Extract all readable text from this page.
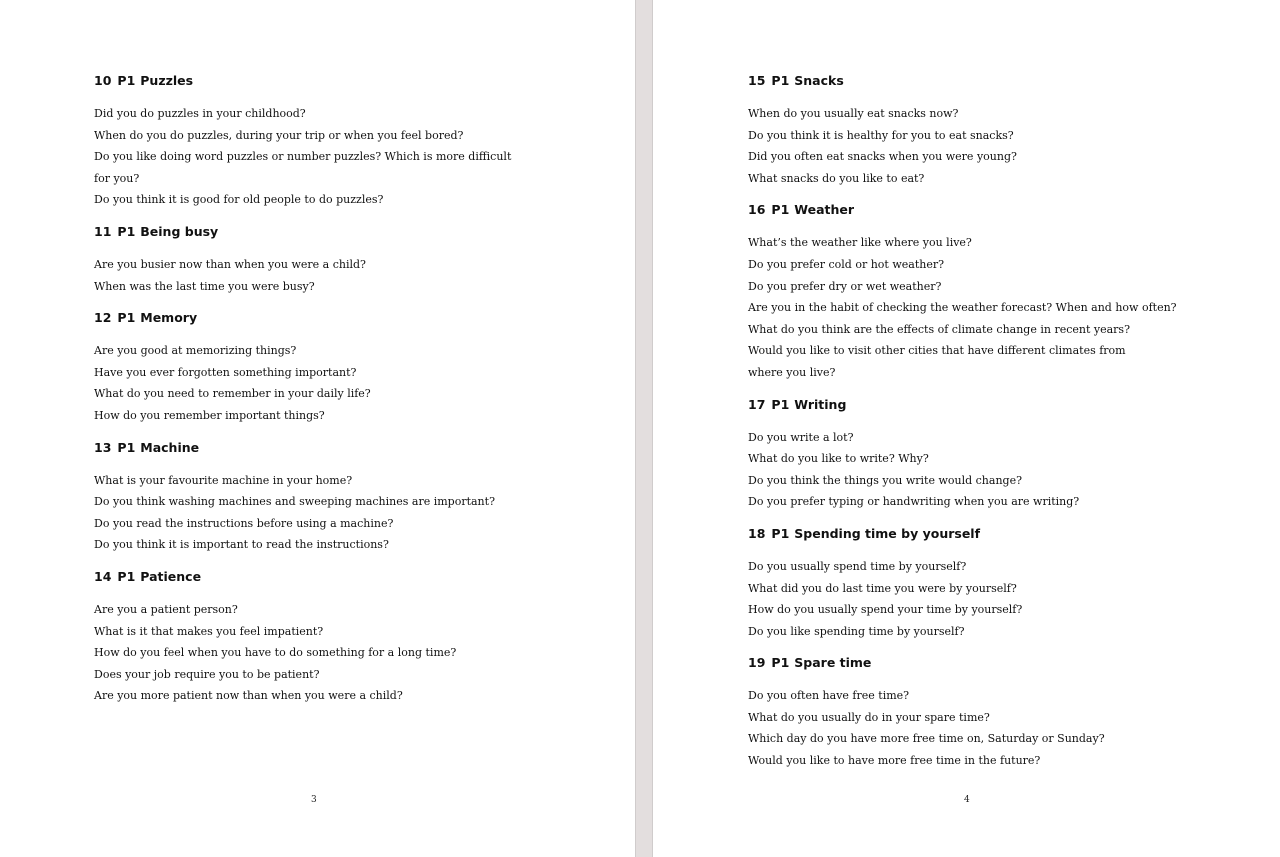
10 P1 Puzzles
Did you do puzzles in your childhood?
When do you do puzzles, during your trip or when you feel bored?
Do you like doing word puzzles or number puzzles? Which is more difficult
for you?
Do you think it is good for old people to do puzzles?
11 P1 Being busy
Are you busier now than when you were a child?
When was the last time you were busy?
12 P1 Memory
Are you good at memorizing things?
Have you ever forgotten something important?
What do you need to remember in your daily life?
How do you remember important things?
13 P1 Machine
What is your favourite machine in your home?
Do you think washing machines and sweeping machines are important?
Do you read the instructions before using a machine?
Do you think it is important to read the instructions?
14 P1 Patience
Are you a patient person?
What is it that makes you feel impatient?
How do you feel when you have to do something for a long time?
Does your job require you to be patient?
Are you more patient now than when you were a child?
3
15 P1 Snacks
When do you usually eat snacks now?
Do you think it is healthy for you to eat snacks?
Did you often eat snacks when you were young?
What snacks do you like to eat?
16 P1 Weather
What’s the weather like where you live?
Do you prefer cold or hot weather?
Do you prefer dry or wet weather?
Are you in the habit of checking the weather forecast? When and how often?
What do you think are the effects of climate change in recent years?
Would you like to visit other cities that have different climates from
where you live?
17 P1 Writing
Do you write a lot?
What do you like to write? Why?
Do you think the things you write would change?
Do you prefer typing or handwriting when you are writing?
18 P1 Spending time by yourself
Do you usually spend time by yourself?
What did you do last time you were by yourself?
How do you usually spend your time by yourself?
Do you like spending time by yourself?
19 P1 Spare time
Do you often have free time?
What do you usually do in your spare time?
Which day do you have more free time on, Saturday or Sunday?
Would you like to have more free time in the future?
4
